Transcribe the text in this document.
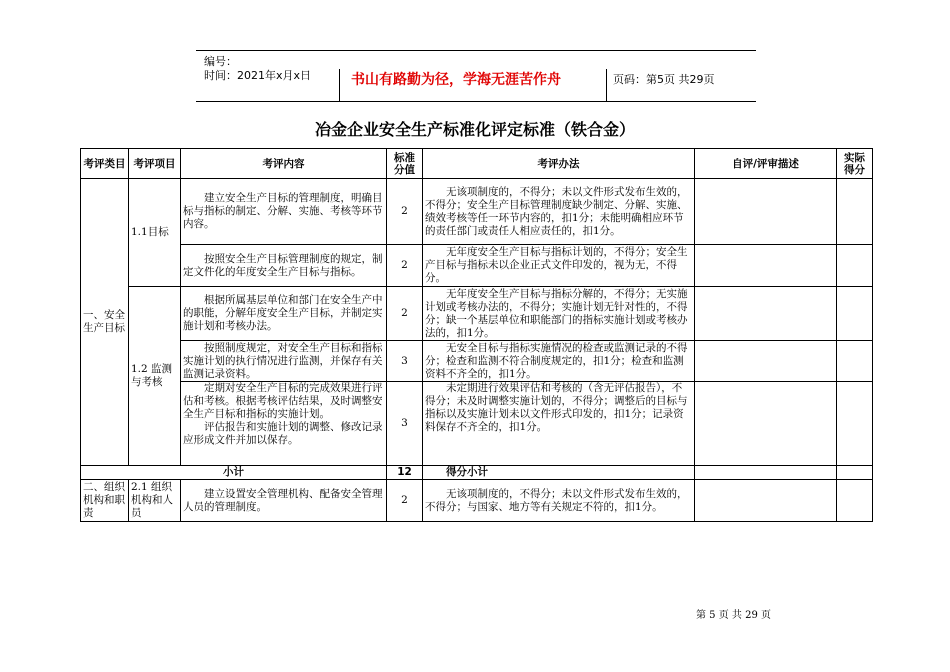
编号：
时间：2021年x月x日	书山有路勤为径，学海无涯苦作舟	页码：第5页 共29页
冶金企业安全生产标准化评定标准（铁合金）
考评类目	考评项目	考评内容	标准分值	考评办法	自评/评审描述	实际得分
一、安全生产目标	1.1目标	建立安全生产目标的管理制度，明确目标与指标的制定、分解、实施、考核等环节内容。	2	无该项制度的，不得分；未以文件形式发布生效的，不得分；安全生产目标管理制度缺少制定、分解、实施、绩效考核等任一环节内容的，扣1分；未能明确相应环节的责任部门或责任人相应责任的，扣1分。		
		按照安全生产目标管理制度的规定，制定文件化的年度安全生产目标与指标。	2	无年度安全生产目标与指标计划的，不得分；安全生产目标与指标未以企业正式文件印发的，视为无，不得分。		
	1.2 监测与考核	根据所属基层单位和部门在安全生产中的职能，分解年度安全生产目标，并制定实施计划和考核办法。	2	无年度安全生产目标与指标分解的，不得分；无实施计划或考核办法的，不得分；实施计划无针对性的，不得分；缺一个基层单位和职能部门的指标实施计划或考核办法的，扣1分。		
		按照制度规定，对安全生产目标和指标实施计划的执行情况进行监测，并保存有关监测记录资料。	3	无安全目标与指标实施情况的检查或监测记录的不得分；检查和监测不符合制度规定的，扣1分；检查和监测资料不齐全的，扣1分。		

		定期对安全生产目标的完成效果进行评估和考核。根据考核评估结果，及时调整安全生产目标和指标的实施计划。
评估报告和实施计划的调整、修改记录应形成文件并加以保存。	3	未定期进行效果评估和考核的（含无评估报告），不得分；未及时调整实施计划的，不得分；调整后的目标与指标以及实施计划未以文件形式印发的，扣1分；记录资料保存不齐全的，扣1分。		
小计			12	得分小计		
二、组织机构和职责	2.1 组织机构和人员	建立设置安全管理机构、配备安全管理人员的管理制度。	2	无该项制度的，不得分；未以文件形式发布生效的，不得分；与国家、地方等有关规定不符的，扣1分。		
第 5 页 共 29 页
